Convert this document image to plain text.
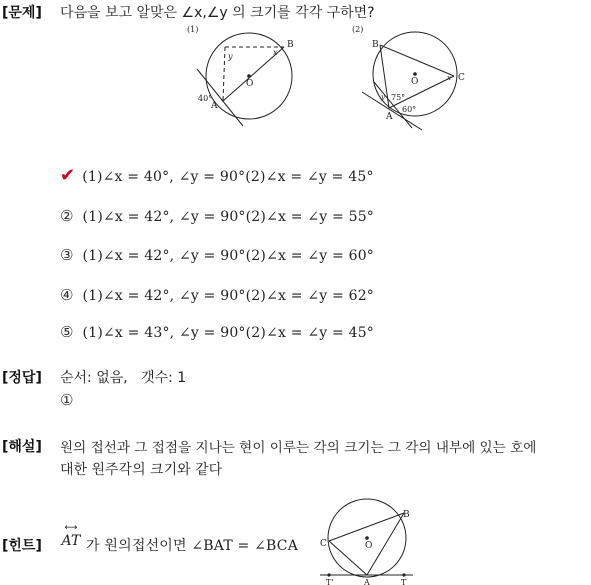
[문제] 다음을 보고 알맞은 ∠x,∠y 의 크기를 각각 구하면?
(1)
B
O
A
y	x
40°
(2)
B
O
A
C
x
y 75°
60°
✔ (1)∠x = 40°, ∠y = 90°(2)∠x = ∠y = 45°
② (1)∠x = 42°, ∠y = 90°(2)∠x = ∠y = 55°
③ (1)∠x = 42°, ∠y = 90°(2)∠x = ∠y = 60°
④ (1)∠x = 42°, ∠y = 90°(2)∠x = ∠y = 62°
⑤ (1)∠x = 43°, ∠y = 90°(2)∠x = ∠y = 45°
[정답] 순서: 없음,   갯수: 1
①
[해설] 원의 접선과 그 접점을 지나는 현이 이루는 각의 크기는 그 각의 내부에 있는 호에
대한 원주각의 크기와 같다
[힌트]
⟷
AT 가 원의접선이면 ∠BAT = ∠BCA
B
C	O
T'	A	T
